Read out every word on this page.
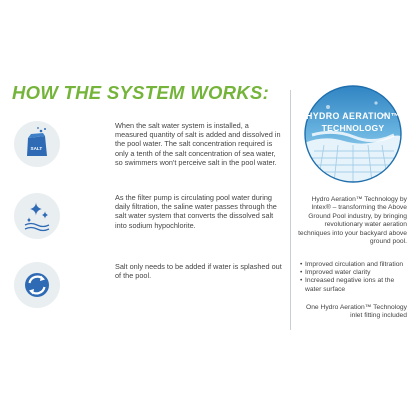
HOW THE SYSTEM WORKS:
SALT
When the salt water system is installed, a measured quantity of salt is added and dissolved in the pool water. The salt concentration required is only a tenth of the salt concentration of sea water, so swimmers won't perceive salt in the pool water.
As the filter pump is circulating pool water during daily filtration, the saline water passes through the salt water system that converts the dissolved salt into sodium hypochlorite.
Salt only needs to be added if water is splashed out of the pool.
HYDRO AERATION™
TECHNOLOGY
Hydro Aeration™ Technology by Intex® – transforming the Above Ground Pool industry, by bringing revolutionary water aeration techniques into your backyard above ground pool.
• Improved circulation and filtration
• Improved water clarity
• Increased negative ions at the water surface
One Hydro Aeration™ Technology inlet fitting included
